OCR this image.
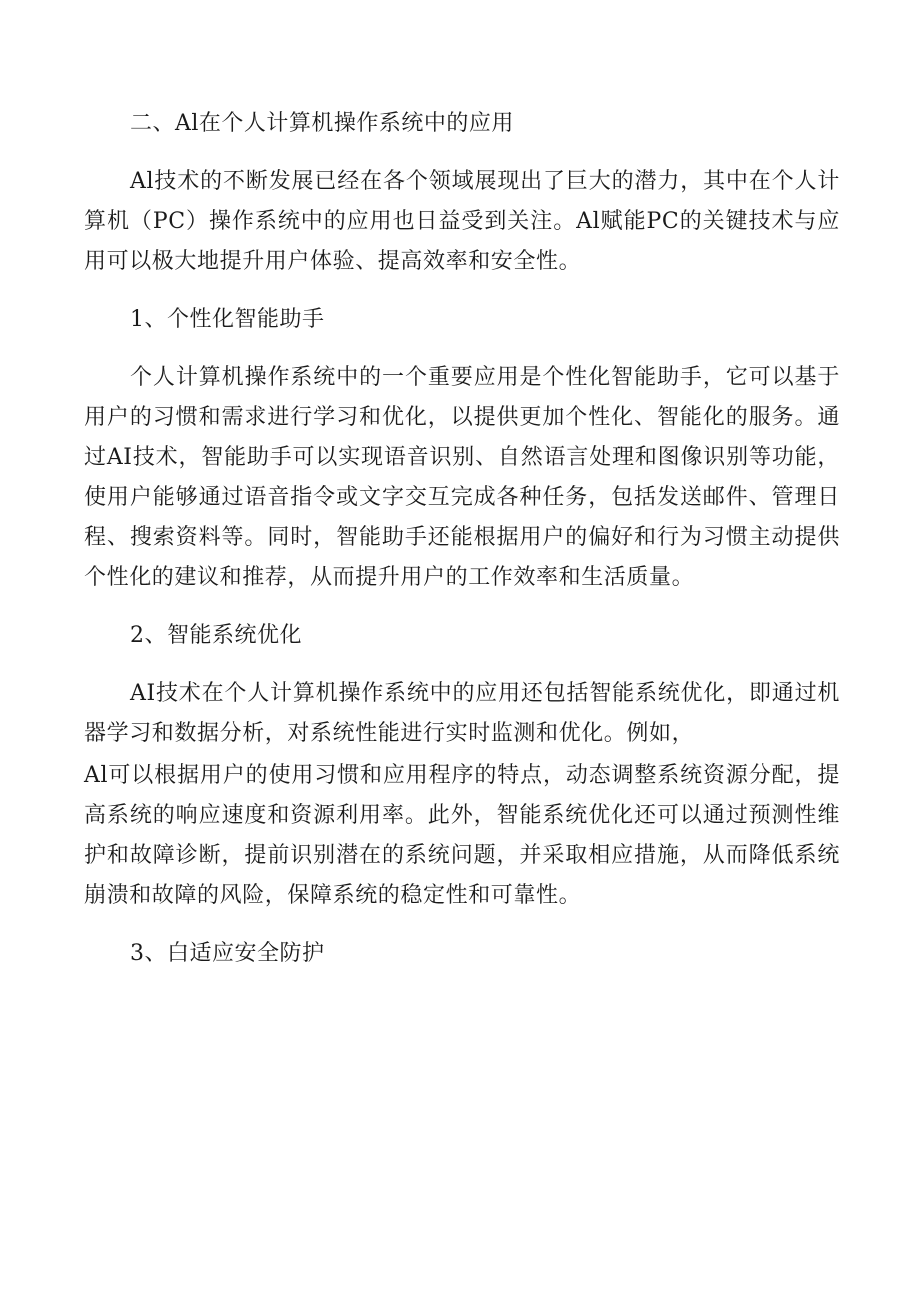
二、Al在个人计算机操作系统中的应用

Al技术的不断发展已经在各个领域展现出了巨大的潜力，其中在个人计算机（PC）操作系统中的应用也日益受到关注。Al赋能PC的关键技术与应用可以极大地提升用户体验、提高效率和安全性。

1、个性化智能助手

个人计算机操作系统中的一个重要应用是个性化智能助手，它可以基于用户的习惯和需求进行学习和优化，以提供更加个性化、智能化的服务。通过AI技术，智能助手可以实现语音识别、自然语言处理和图像识别等功能，使用户能够通过语音指令或文字交互完成各种任务，包括发送邮件、管理日程、搜索资料等。同时，智能助手还能根据用户的偏好和行为习惯主动提供个性化的建议和推荐，从而提升用户的工作效率和生活质量。

2、智能系统优化

AI技术在个人计算机操作系统中的应用还包括智能系统优化，即通过机器学习和数据分析，对系统性能进行实时监测和优化。例如，

Al可以根据用户的使用习惯和应用程序的特点，动态调整系统资源分配，提高系统的响应速度和资源利用率。此外，智能系统优化还可以通过预测性维护和故障诊断，提前识别潜在的系统问题，并采取相应措施，从而降低系统崩溃和故障的风险，保障系统的稳定性和可靠性。

3、白适应安全防护
